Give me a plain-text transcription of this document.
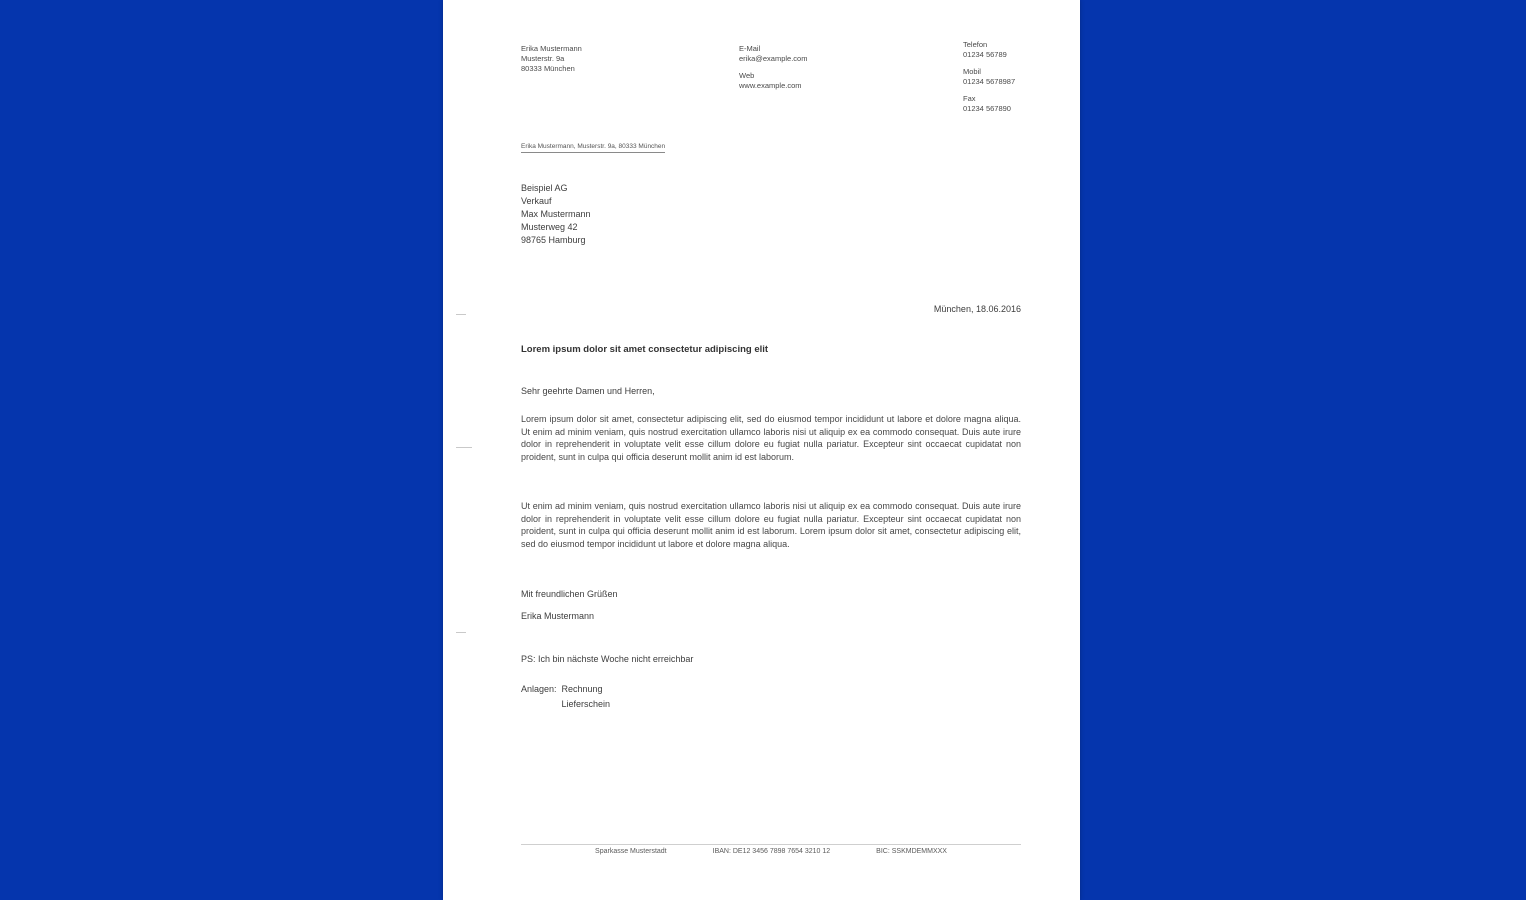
Erika Mustermann
Musterstr. 9a
80333 München
E-Mail
erika@example.com
Web
www.example.com
Telefon
01234 56789
Mobil
01234 5678987
Fax
01234 567890
Erika Mustermann, Musterstr. 9a, 80333 München
Beispiel AG
Verkauf
Max Mustermann
Musterweg 42
98765 Hamburg
München, 18.06.2016
Lorem ipsum dolor sit amet consectetur adipiscing elit
Sehr geehrte Damen und Herren,
Lorem ipsum dolor sit amet, consectetur adipiscing elit, sed do eiusmod tempor incididunt ut labore et dolore magna aliqua. Ut enim ad minim veniam, quis nostrud exercitation ullamco laboris nisi ut aliquip ex ea commodo consequat. Duis aute irure dolor in reprehenderit in voluptate velit esse cillum dolore eu fugiat nulla pariatur. Excepteur sint occaecat cupidatat non proident, sunt in culpa qui officia deserunt mollit anim id est laborum.
Ut enim ad minim veniam, quis nostrud exercitation ullamco laboris nisi ut aliquip ex ea commodo consequat. Duis aute irure dolor in reprehenderit in voluptate velit esse cillum dolore eu fugiat nulla pariatur. Excepteur sint occaecat cupidatat non proident, sunt in culpa qui officia deserunt mollit anim id est laborum. Lorem ipsum dolor sit amet, consectetur adipiscing elit, sed do eiusmod tempor incididunt ut labore et dolore magna aliqua.
Mit freundlichen Grüßen
Erika Mustermann
PS: Ich bin nächste Woche nicht erreichbar
Anlagen: Rechnung
Lieferschein
Sparkasse Musterstadt	IBAN: DE12 3456 7898 7654 3210 12	BIC: SSKMDEMMXXX
